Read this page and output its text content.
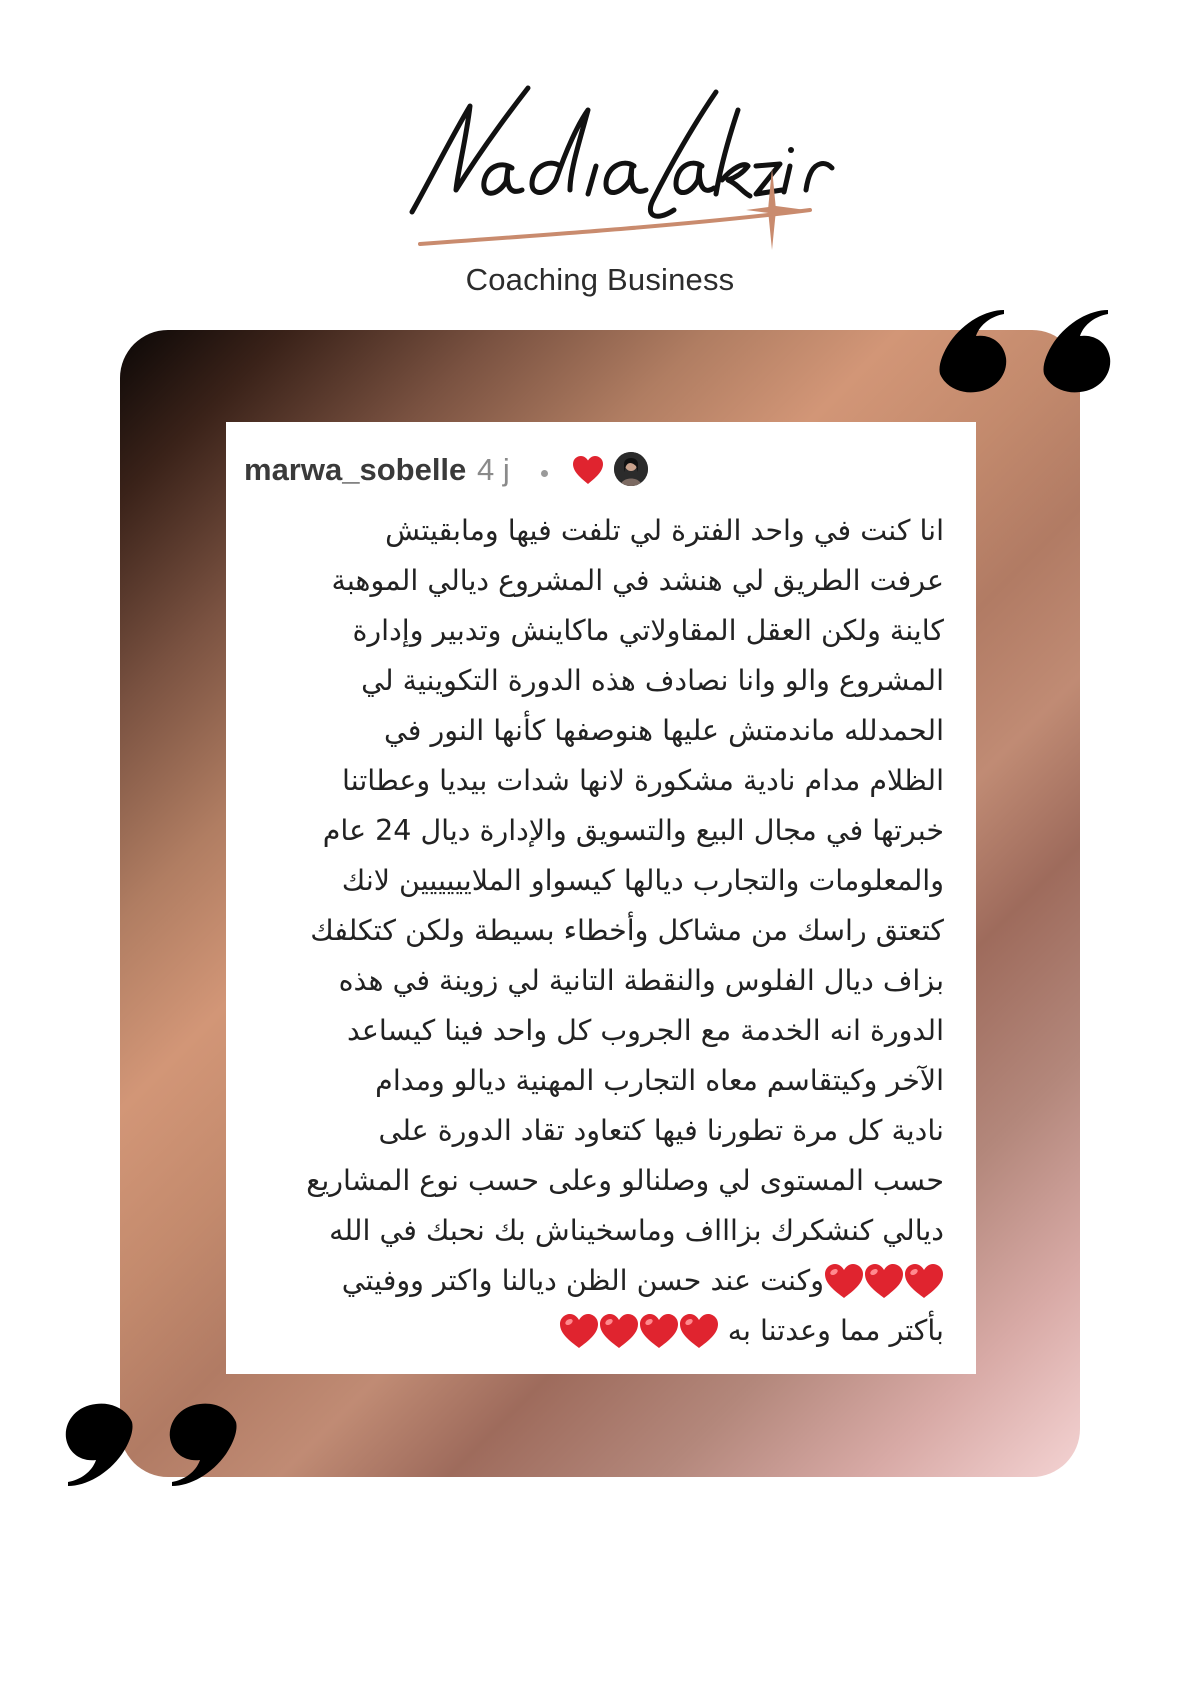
Coaching Business
marwa_sobelle 4 j
انا كنت في واحد الفترة لي تلفت فيها ومابقيتش
عرفت الطريق لي هنشد في المشروع ديالي الموهبة
كاينة ولكن العقل المقاولاتي ماكاينش وتدبير وإدارة
المشروع والو وانا نصادف هذه الدورة التكوينية لي
الحمدلله ماندمتش عليها هنوصفها كأنها النور في
الظلام مدام نادية مشكورة لانها شدات بيديا وعطاتنا
خبرتها في مجال البيع والتسويق والإدارة ديال 24 عام
والمعلومات والتجارب ديالها كيسواو الملايييييين لانك
كتعتق راسك من مشاكل وأخطاء بسيطة ولكن كتكلفك
بزاف ديال الفلوس والنقطة التانية لي زوينة في هذه
الدورة انه الخدمة مع الجروب كل واحد فينا كيساعد
الآخر وكيتقاسم معاه التجارب المهنية ديالو ومدام
نادية كل مرة تطورنا فيها كتعاود تقاد الدورة على
حسب المستوى لي وصلنالو وعلى حسب نوع المشاريع
ديالي كنشكرك بزاااف وماسخيناش بك نحبك في الله
وكنت عند حسن الظن ديالنا واكتر ووفيتي
بأكتر مما وعدتنا به
